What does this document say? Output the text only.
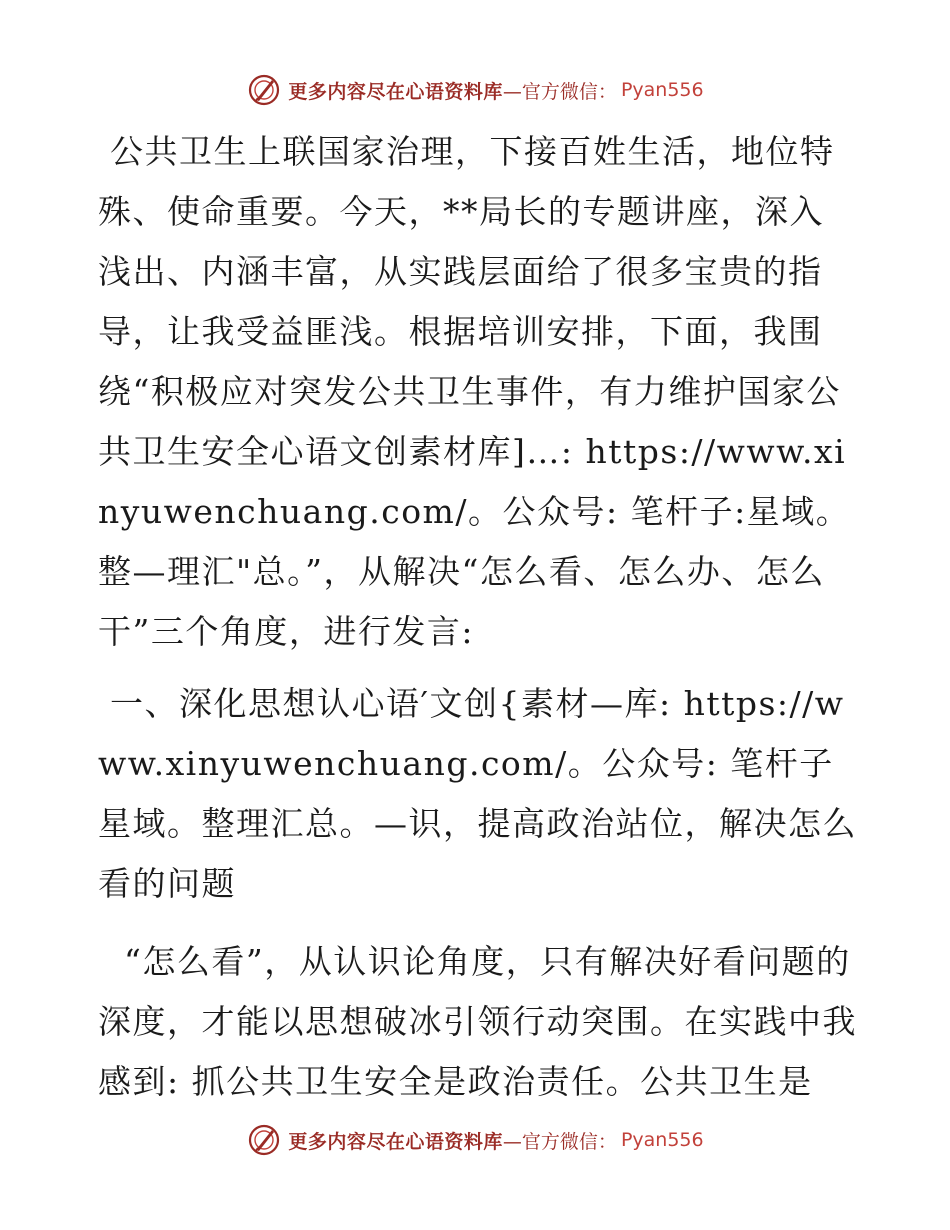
更多内容尽在心语资料库 —官方微信： Pyan556

公共卫生上联国家治理，下接百姓生活，地位特殊、使命重要。今天，**局长的专题讲座，深入浅出、内涵丰富，从实践层面给了很多宝贵的指导，让我受益匪浅。根据培训安排，下面，我围绕“积极应对突发公共卫生事件，有力维护国家公共卫生安全心语文创素材库]…: https://www.xinyuwenchuang.com/。公众号: 笔杆子:星域。整—理汇"总。”，从解决“怎么看、怎么办、怎么干”三个角度，进行发言:

一、深化思想认心语′文创{素材—库: https://www.xinyuwenchuang.com/。公众号: 笔杆子星域。整理汇总。—识，提高政治站位，解决怎么看的问题

“怎么看”，从认识论角度，只有解决好看问题的深度，才能以思想破冰引领行动突围。在实践中我感到: 抓公共卫生安全是政治责任。公共卫生是

更多内容尽在心语资料库 —官方微信： Pyan556
